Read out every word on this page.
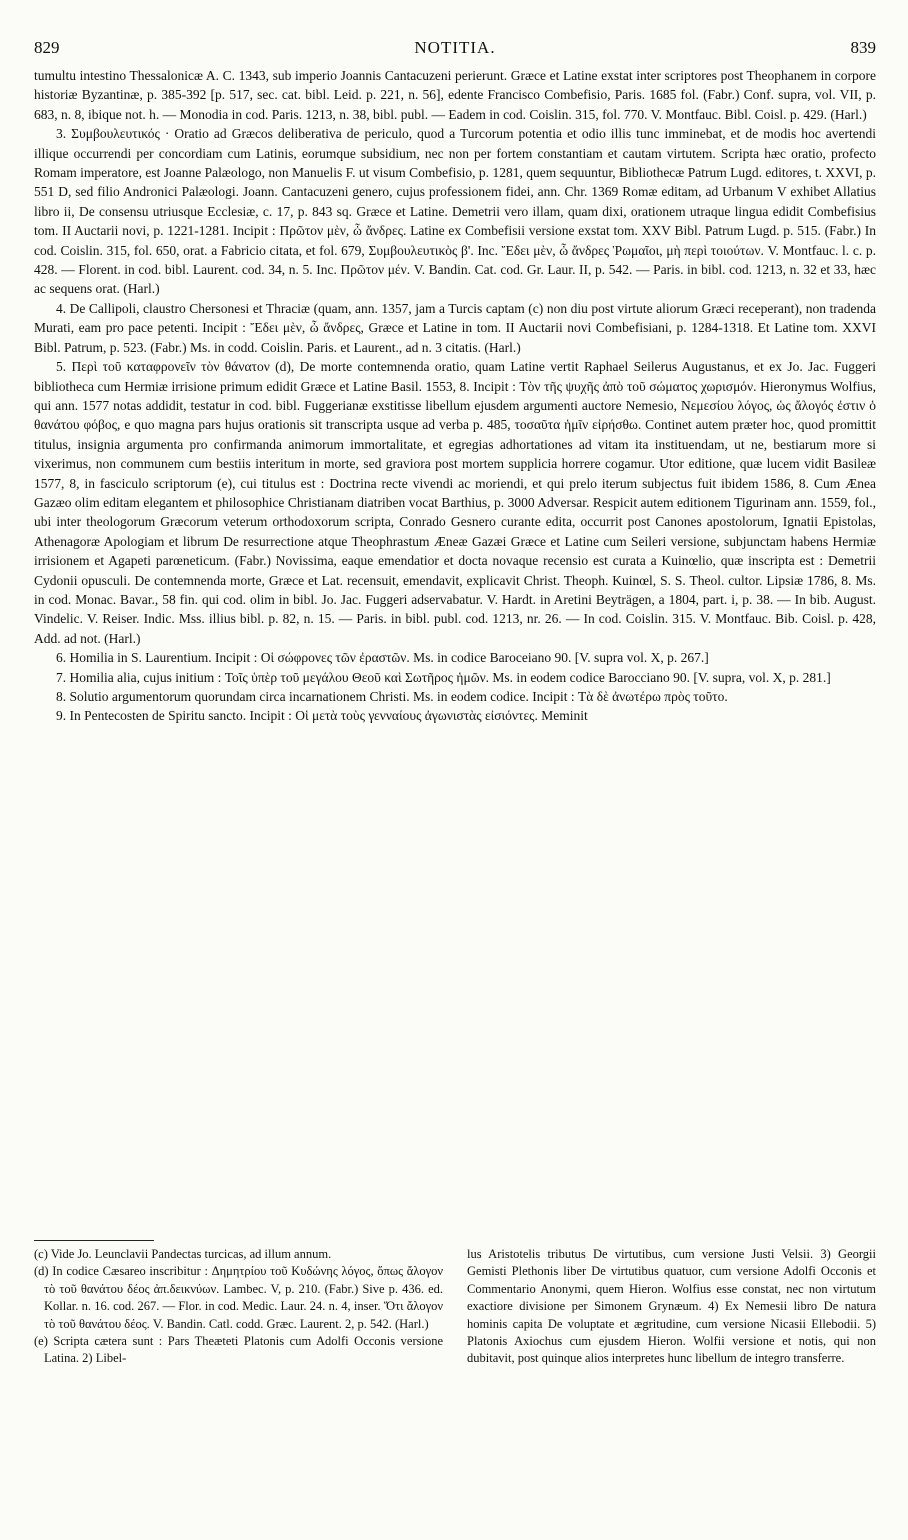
829	NOTITIA.	839

tumultu intestino Thessalonicæ A. C. 1343, sub imperio Joannis Cantacuzeni perierunt. Græce et Latine exstat inter scriptores post Theophanem in corpore historiæ Byzantinæ, p. 385-392 [p. 517, sec. cat. bibl. Leid. p. 221, n. 56], edente Francisco Combefisio, Paris. 1685 fol. (Fabr.) Conf. supra, vol. VII, p. 683, n. 8, ibique not. h. — Monodia in cod. Paris. 1213, n. 38, bibl. publ. — Eadem in cod. Coislin. 315, fol. 770. V. Montfauc. Bibl. Coisl. p. 429. (Harl.)

3. Συμβουλευτικός · Oratio ad Græcos deliberativa de periculo, quod a Turcorum potentia et odio illis tunc imminebat, et de modis hoc avertendi illique occurrendi per concordiam cum Latinis, eorumque subsidium, nec non per fortem constantiam et cautam virtutem. Scripta hæc oratio, profecto Romam imperatore, est Joanne Palæologo, non Manuelis F. ut visum Combefisio, p. 1281, quem sequuntur, Bibliothecæ Patrum Lugd. editores, t. XXVI, p. 551 D, sed filio Andronici Palæologi. Joann. Cantacuzeni genero, cujus professionem fidei, ann. Chr. 1369 Romæ editam, ad Urbanum V exhibet Allatius libro ii, De consensu utriusque Ecclesiæ, c. 17, p. 843 sq. Græce et Latine. Demetrii vero illam, quam dixi, orationem utraque lingua edidit Combefisius tom. II Auctarii novi, p. 1221-1281. Incipit : Πρῶτον μὲν, ὦ ἄνδρες. Latine ex Combefisii versione exstat tom. XXV Bibl. Patrum Lugd. p. 515. (Fabr.) In cod. Coislin. 315, fol. 650, orat. a Fabricio citata, et fol. 679, Συμβουλευτικὸς β'. Inc. Ἔδει μὲν, ὦ ἄνδρες Ῥωμαῖοι, μὴ περὶ τοιούτων. V. Montfauc. l. c. p. 428. — Florent. in cod. bibl. Laurent. cod. 34, n. 5. Inc. Πρῶτον μέν. V. Bandin. Cat. cod. Gr. Laur. II, p. 542. — Paris. in bibl. cod. 1213, n. 32 et 33, hæc ac sequens orat. (Harl.)

4. De Callipoli, claustro Chersonesi et Thraciæ (quam, ann. 1357, jam a Turcis captam (c) non diu post virtute aliorum Græci receperant), non tradenda Murati, eam pro pace petenti. Incipit : Ἔδει μὲν, ὦ ἄνδρες, Græce et Latine in tom. II Auctarii novi Combefisiani, p. 1284-1318. Et Latine tom. XXVI Bibl. Patrum, p. 523. (Fabr.) Ms. in codd. Coislin. Paris. et Laurent., ad n. 3 citatis. (Harl.)

5. Περὶ τοῦ καταφρονεῖν τὸν θάνατον (d), De morte contemnenda oratio, quam Latine vertit Raphael Seilerus Augustanus, et ex Jo. Jac. Fuggeri bibliotheca cum Hermiæ irrisione primum edidit Græce et Latine Basil. 1553, 8. Incipit : Τὸν τῆς ψυχῆς ἀπὸ τοῦ σώματος χωρισμόν. Hieronymus Wolfius, qui ann. 1577 notas addidit, testatur in cod. bibl. Fuggerianæ exstitisse libellum ejusdem argumenti auctore Nemesio, Νεμεσίου λόγος, ὡς ἄλογός ἐστιν ὁ θανάτου φόβος, e quo magna pars hujus orationis sit transcripta usque ad verba p. 485, τοσαῦτα ἡμῖν εἰρήσθω. Continet autem præter hoc, quod promittit titulus, insignia argumenta pro confirmanda animorum immortalitate, et egregias adhortationes ad vitam ita instituendam, ut ne, bestiarum more si vixerimus, non communem cum bestiis interitum in morte, sed graviora post mortem supplicia horrere cogamur. Utor editione, quæ lucem vidit Basileæ 1577, 8, in fasciculo scriptorum (e), cui titulus est : Doctrina recte vivendi ac moriendi, et qui prelo iterum subjectus fuit ibidem 1586, 8. Cum Æneа Gazæo olim editam elegantem et philosophice Christianam diatriben vocat Barthius, p. 3000 Adversar. Respicit autem editionem Tigurinam ann. 1559, fol., ubi inter theologorum Græcorum veterum orthodoxorum scripta, Conrado Gesnero curante edita, occurrit post Canones apostolorum, Ignatii Epistolas, Athenagoræ Apologiam et librum De resurrectione atque Theophrastum Æneæ Gazæi Græce et Latine cum Seileri versione, subjunctam habens Hermiæ irrisionem et Agapeti parœneticum. (Fabr.) Novissima, eaque emendatior et docta novaque recensio est curata a Kuinœlio, quæ inscripta est : Demetrii Cydonii opusculi. De contemnenda morte, Græce et Lat. recensuit, emendavit, explicavit Christ. Theoph. Kuinœl, S. S. Theol. cultor. Lipsiæ 1786, 8. Ms. in cod. Monac. Bavar., 58 fin. qui cod. olim in bibl. Jo. Jac. Fuggeri adservabatur. V. Hardt. in Aretini Beyträgen, a 1804, part. i, p. 38. — In bib. August. Vindelic. V. Reiser. Indic. Mss. illius bibl. p. 82, n. 15. — Paris. in bibl. publ. cod. 1213, nr. 26. — In cod. Coislin. 315. V. Montfauc. Bib. Coisl. p. 428, Add. ad not. (Harl.)

6. Homilia in S. Laurentium. Incipit : Οἱ σώφρονες τῶν ἐραστῶν. Ms. in codice Baroceiano 90. [V. supra vol. X, p. 267.]

7. Homilia alia, cujus initium : Τοῖς ὑπὲρ τοῦ μεγάλου Θεοῦ καὶ Σωτῆρος ἡμῶν. Ms. in eodem codice Barocciano 90. [V. supra, vol. X, p. 281.]

8. Solutio argumentorum quorundam circa incarnationem Christi. Ms. in eodem codice. Incipit : Τὰ δὲ ἀνωτέρω πρὸς τοῦτο.

9. In Pentecosten de Spiritu sancto. Incipit : Οἱ μετὰ τοὺς γενναίους ἀγωνιστὰς εἰσιόντες. Meminit

(c) Vide Jo. Leunclavii Pandectas turcicas, ad illum annum.

(d) In codice Cæsareo inscribitur : Δημητρίου τοῦ Κυδώνης λόγος, ὅπως ἄλογον τὸ τοῦ θανάτου δέος ἀπ.δεικνύων. Lambec. V, p. 210. (Fabr.) Sive p. 436. ed. Kollar. n. 16. cod. 267. — Flor. in cod. Medic. Laur. 24. n. 4, inser. Ὅτι ἄλογον τὸ τοῦ θανάτου δέος. V. Bandin. Catl. codd. Græc. Laurent. 2, p. 542. (Harl.)

(e) Scripta cætera sunt : Pars Theæteti Platonis cum Adolfi Occonis versione Latina. 2) Libel-

lus Aristotelis tributus De virtutibus, cum versione Justi Velsii. 3) Georgii Gemisti Plethonis liber De virtutibus quatuor, cum versione Adolfi Occonis et Commentario Anonymi, quem Hieron. Wolfius esse constat, nec non virtutum exactiore divisione per Simonem Grynæum. 4) Ex Nemesii libro De natura hominis capita De voluptate et ægritudine, cum versione Nicasii Ellebodii. 5) Platonis Axiochus cum ejusdem Hieron. Wolfii versione et notis, qui non dubitavit, post quinque alios interpretes hunc libellum de integro transferre.
